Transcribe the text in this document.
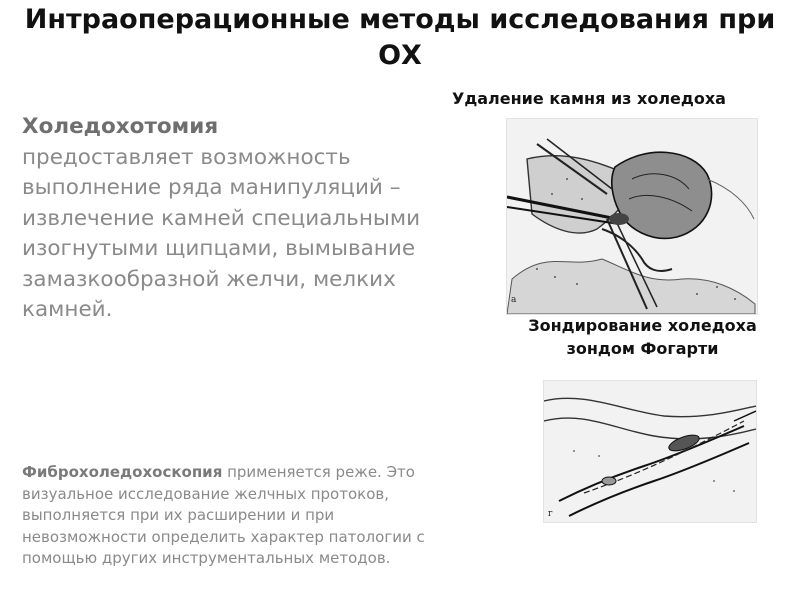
Интраоперационные методы исследования при ОХ

Холедохотомия
предоставляет возможность выполнение ряда манипуляций – извлечение камней специальными изогнутыми щипцами, вымывание замазкообразной желчи, мелких камней.

Фиброхоледохоскопия применяется реже. Это визуальное исследование желчных протоков, выполняется при их расширении и при невозможности определить характер патологии с помощью других инструментальных методов.

Удаление камня из холедоха
а
Зондирование холедоха зондом Фогарти
г
